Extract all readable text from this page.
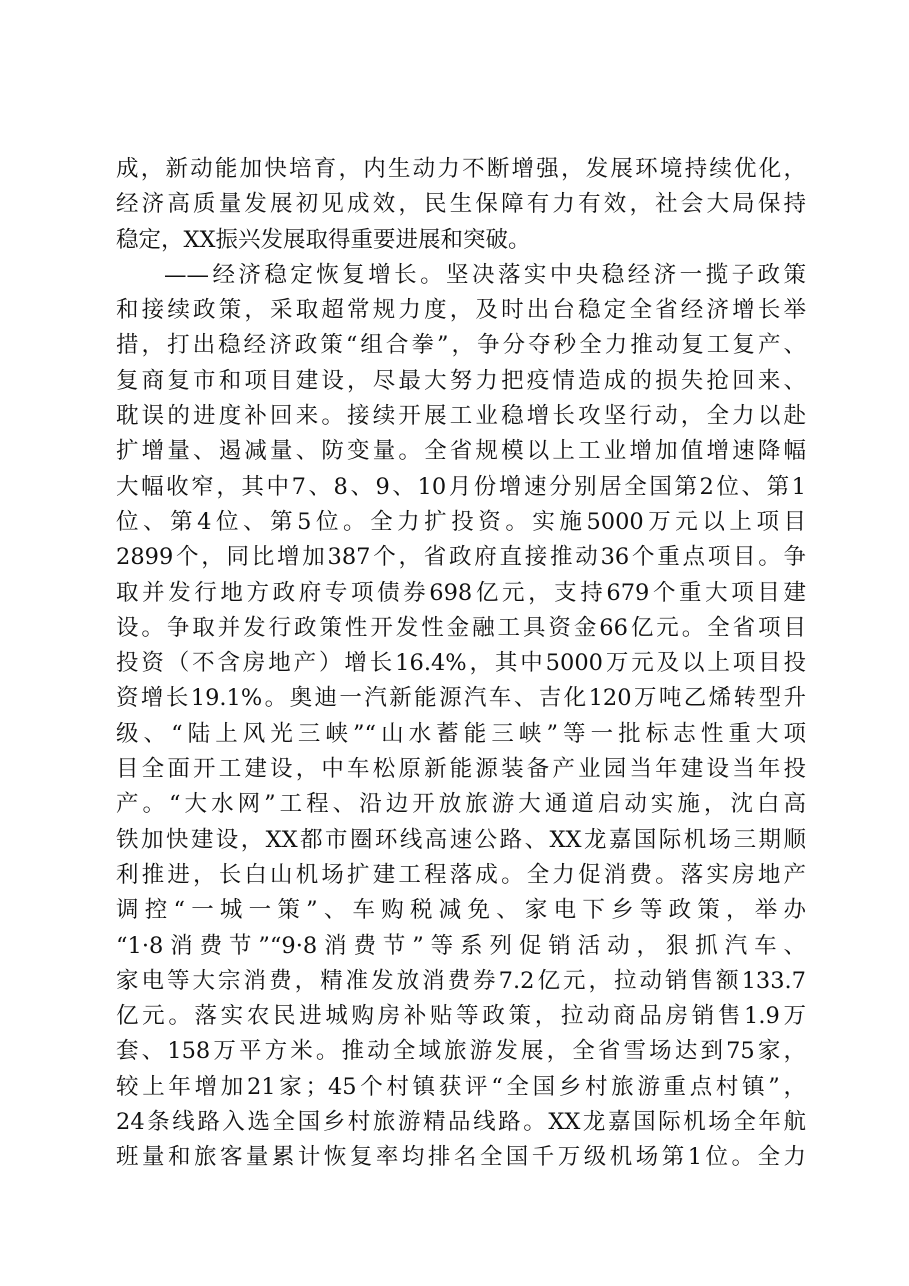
成，新动能加快培育，内生动力不断增强，发展环境持续优化，
经济高质量发展初见成效，民生保障有力有效，社会大局保持
稳定，XX振兴发展取得重要进展和突破。
——经济稳定恢复增长。坚决落实中央稳经济一揽子政策
和接续政策，采取超常规力度，及时出台稳定全省经济增长举
措，打出稳经济政策“组合拳”，争分夺秒全力推动复工复产、
复商复市和项目建设，尽最大努力把疫情造成的损失抢回来、
耽误的进度补回来。接续开展工业稳增长攻坚行动，全力以赴
扩增量、遏减量、防变量。全省规模以上工业增加值增速降幅
大幅收窄，其中7、8、9、10月份增速分别居全国第2位、第1
位、第4位、第5位。全力扩投资。实施5000万元以上项目
2899个，同比增加387个，省政府直接推动36个重点项目。争
取并发行地方政府专项债券698亿元，支持679个重大项目建
设。争取并发行政策性开发性金融工具资金66亿元。全省项目
投资（不含房地产）增长16.4%，其中5000万元及以上项目投
资增长19.1%。奥迪一汽新能源汽车、吉化120万吨乙烯转型升
级、“陆上风光三峡”“山水蓄能三峡”等一批标志性重大项
目全面开工建设，中车松原新能源装备产业园当年建设当年投
产。“大水网”工程、沿边开放旅游大通道启动实施，沈白高
铁加快建设，XX都市圈环线高速公路、XX龙嘉国际机场三期顺
利推进，长白山机场扩建工程落成。全力促消费。落实房地产
调控“一城一策”、车购税减免、家电下乡等政策，举办
“1·8消费节”“9·8消费节”等系列促销活动，狠抓汽车、
家电等大宗消费，精准发放消费券7.2亿元，拉动销售额133.7
亿元。落实农民进城购房补贴等政策，拉动商品房销售1.9万
套、158万平方米。推动全域旅游发展，全省雪场达到75家，
较上年增加21家；45个村镇获评“全国乡村旅游重点村镇”，
24条线路入选全国乡村旅游精品线路。XX龙嘉国际机场全年航
班量和旅客量累计恢复率均排名全国千万级机场第1位。全力
